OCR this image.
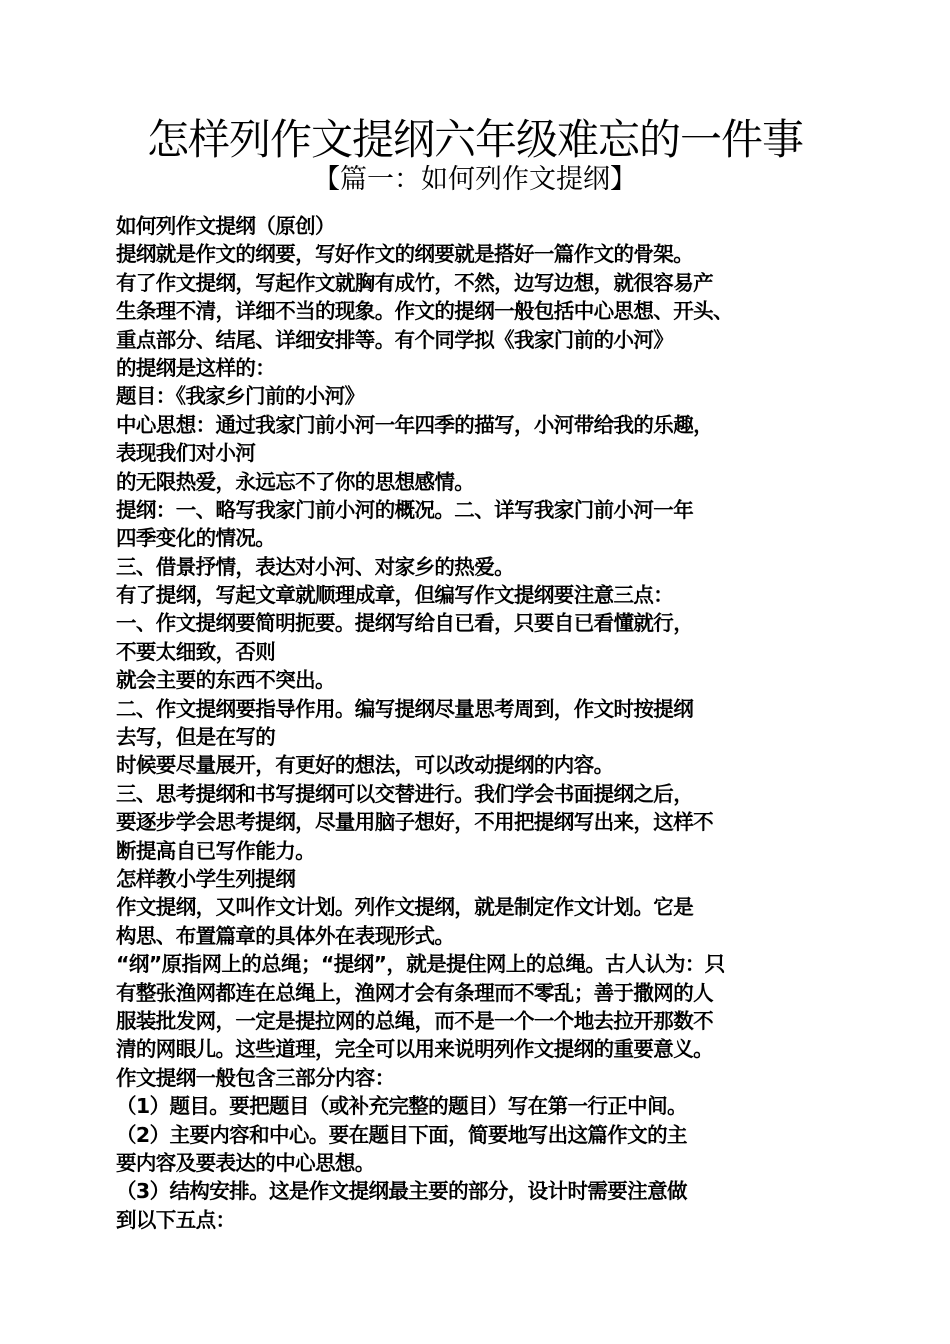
怎样列作文提纲六年级难忘的一件事
【篇一：如何列作文提纲】
如何列作文提纲（原创）
提纲就是作文的纲要，写好作文的纲要就是搭好一篇作文的骨架。
有了作文提纲，写起作文就胸有成竹，不然，边写边想，就很容易产
生条理不清，详细不当的现象。作文的提纲一般包括中心思想、开头、
重点部分、结尾、详细安排等。有个同学拟《我家门前的小河》
的提纲是这样的：
题目：《我家乡门前的小河》
中心思想：通过我家门前小河一年四季的描写，小河带给我的乐趣，
表现我们对小河
的无限热爱，永远忘不了你的思想感情。
提纲：一、略写我家门前小河的概况。二、详写我家门前小河一年
四季变化的情况。
三、借景抒情，表达对小河、对家乡的热爱。
有了提纲，写起文章就顺理成章，但编写作文提纲要注意三点：
一、作文提纲要简明扼要。提纲写给自已看，只要自已看懂就行，
不要太细致，否则
就会主要的东西不突出。
二、作文提纲要指导作用。编写提纲尽量思考周到，作文时按提纲
去写，但是在写的
时候要尽量展开，有更好的想法，可以改动提纲的内容。
三、思考提纲和书写提纲可以交替进行。我们学会书面提纲之后，
要逐步学会思考提纲，尽量用脑子想好，不用把提纲写出来，这样不
断提高自已写作能力。
怎样教小学生列提纲
作文提纲，又叫作文计划。列作文提纲，就是制定作文计划。它是
构思、布置篇章的具体外在表现形式。
“纲”原指网上的总绳；“提纲”，就是提住网上的总绳。古人认为：只
有整张渔网都连在总绳上，渔网才会有条理而不零乱；善于撒网的人
服装批发网，一定是提拉网的总绳，而不是一个一个地去拉开那数不
清的网眼儿。这些道理，完全可以用来说明列作文提纲的重要意义。
作文提纲一般包含三部分内容：
（1）题目。要把题目（或补充完整的题目）写在第一行正中间。
（2）主要内容和中心。要在题目下面，简要地写出这篇作文的主
要内容及要表达的中心思想。
（3）结构安排。这是作文提纲最主要的部分，设计时需要注意做
到以下五点：
